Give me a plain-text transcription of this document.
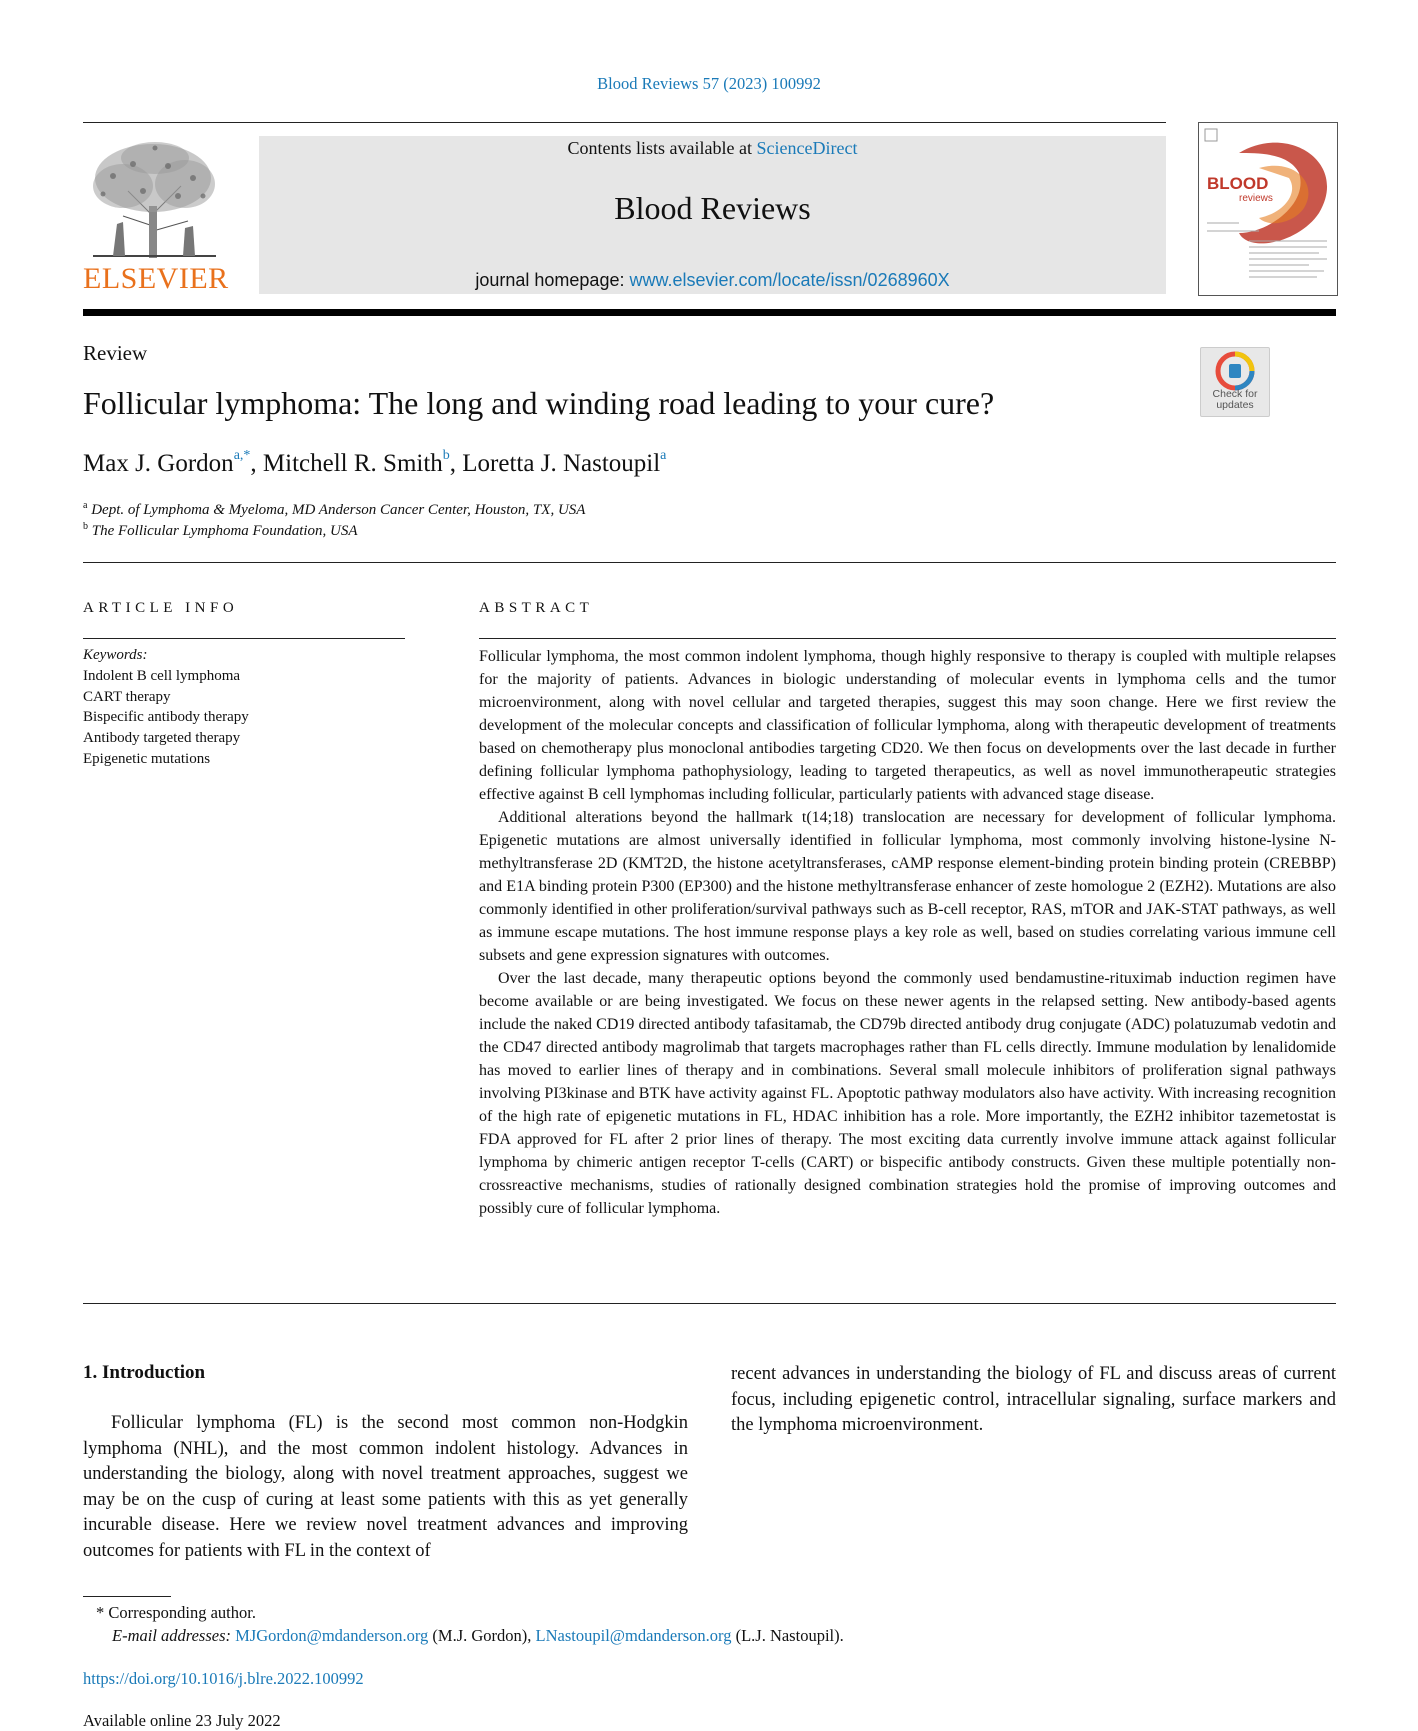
Blood Reviews 57 (2023) 100992
ELSEVIER
Contents lists available at ScienceDirect
Blood Reviews
journal homepage: www.elsevier.com/locate/issn/0268960X
BLOOD
reviews
Review
Follicular lymphoma: The long and winding road leading to your cure?	Check for updates
Max J. Gordon$^{a,*}$, Mitchell R. Smith$^b$, Loretta J. Nastoupil$^a$
$^a$ Dept. of Lymphoma & Myeloma, MD Anderson Cancer Center, Houston, TX, USA
$^b$ The Follicular Lymphoma Foundation, USA
ARTICLE INFO	ABSTRACT
Keywords:
Indolent B cell lymphoma
CART therapy
Bispecific antibody therapy
Antibody targeted therapy
Epigenetic mutations

Follicular lymphoma, the most common indolent lymphoma, though highly responsive to therapy is coupled with multiple relapses for the majority of patients. Advances in biologic understanding of molecular events in lymphoma cells and the tumor microenvironment, along with novel cellular and targeted therapies, suggest this may soon change. Here we first review the development of the molecular concepts and classification of follicular lymphoma, along with therapeutic development of treatments based on chemotherapy plus monoclonal antibodies targeting CD20. We then focus on developments over the last decade in further defining follicular lymphoma pathophysiology, leading to targeted therapeutics, as well as novel immunotherapeutic strategies effective against B cell lymphomas including follicular, particularly patients with advanced stage disease.

Additional alterations beyond the hallmark t(14;18) translocation are necessary for development of follicular lymphoma. Epigenetic mutations are almost universally identified in follicular lymphoma, most commonly involving histone-lysine N-methyltransferase 2D (KMT2D, the histone acetyltransferases, cAMP response element-binding protein binding protein (CREBBP) and E1A binding protein P300 (EP300) and the histone methyltransferase enhancer of zeste homologue 2 (EZH2). Mutations are also commonly identified in other proliferation/survival pathways such as B-cell receptor, RAS, mTOR and JAK-STAT pathways, as well as immune escape mutations. The host immune response plays a key role as well, based on studies correlating various immune cell subsets and gene expression signatures with outcomes.

Over the last decade, many therapeutic options beyond the commonly used bendamustine-rituximab induction regimen have become available or are being investigated. We focus on these newer agents in the relapsed setting. New antibody-based agents include the naked CD19 directed antibody tafasitamab, the CD79b directed antibody drug conjugate (ADC) polatuzumab vedotin and the CD47 directed antibody magrolimab that targets macrophages rather than FL cells directly. Immune modulation by lenalidomide has moved to earlier lines of therapy and in combinations. Several small molecule inhibitors of proliferation signal pathways involving PI3kinase and BTK have activity against FL. Apoptotic pathway modulators also have activity. With increasing recognition of the high rate of epigenetic mutations in FL, HDAC inhibition has a role. More importantly, the EZH2 inhibitor tazemetostat is FDA approved for FL after 2 prior lines of therapy. The most exciting data currently involve immune attack against follicular lymphoma by chimeric antigen receptor T-cells (CART) or bispecific antibody constructs. Given these multiple potentially non-crossreactive mechanisms, studies of rationally designed combination strategies hold the promise of improving outcomes and possibly cure of follicular lymphoma.

1. Introduction

Follicular lymphoma (FL) is the second most common non-Hodgkin lymphoma (NHL), and the most common indolent histology. Advances in understanding the biology, along with novel treatment approaches, suggest we may be on the cusp of curing at least some patients with this as yet generally incurable disease. Here we review novel treatment advances and improving outcomes for patients with FL in the context of

recent advances in understanding the biology of FL and discuss areas of current focus, including epigenetic control, intracellular signaling, surface markers and the lymphoma microenvironment.

* Corresponding author.
E-mail addresses: MJGordon@mdanderson.org (M.J. Gordon), LNastoupil@mdanderson.org (L.J. Nastoupil).
https://doi.org/10.1016/j.blre.2022.100992
Available online 23 July 2022
